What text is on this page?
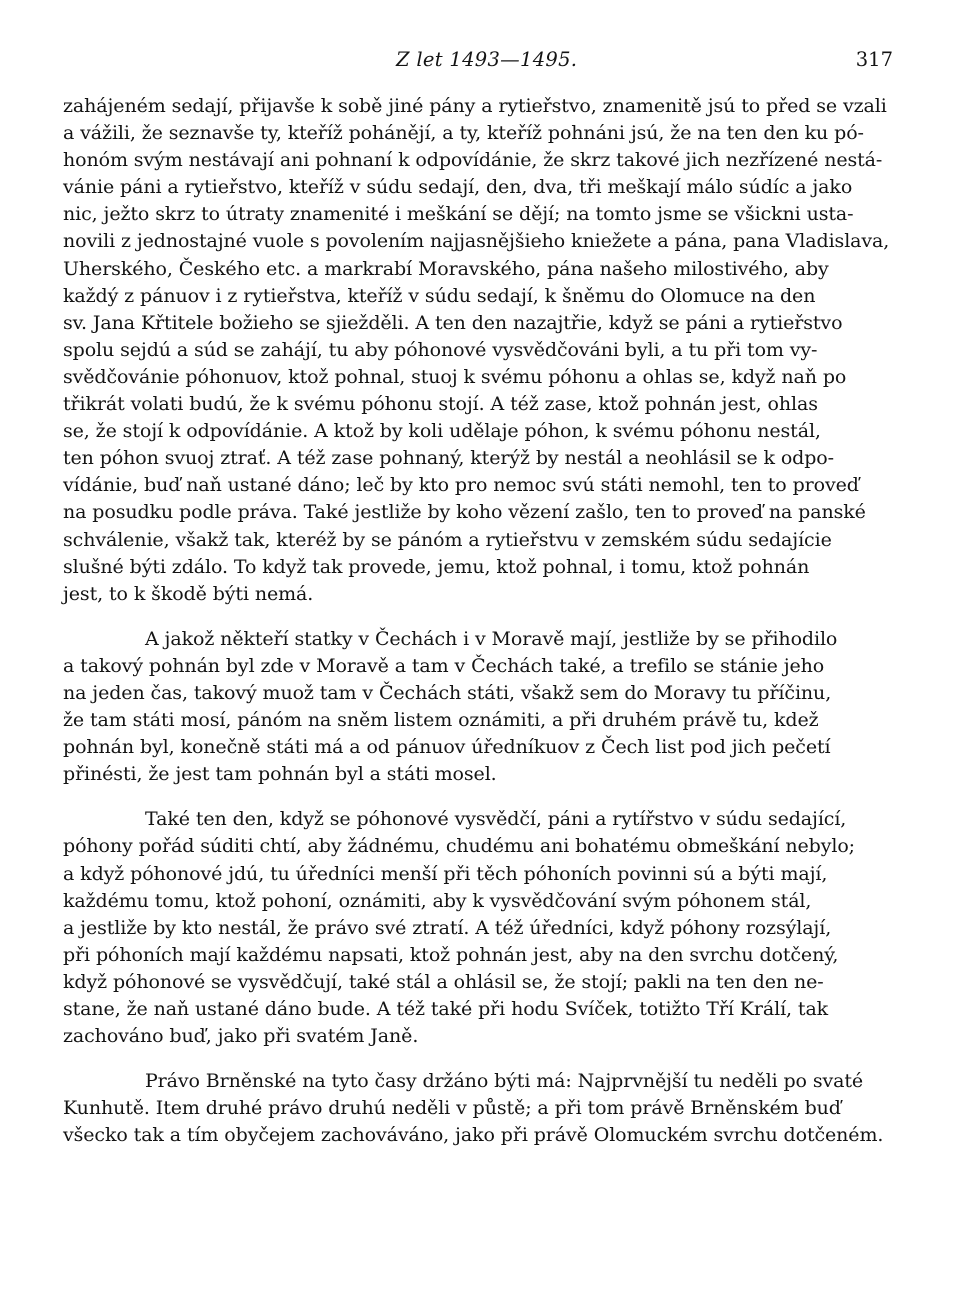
Z let 1493—1495.	317

zahájeném sedají, přijavše k sobě jiné pány a rytieřstvo, znamenitě jsú to před se vzali
a vážili, že seznavše ty, kteříž pohánějí, a ty, kteříž pohnáni jsú, že na ten den ku pó-
honóm svým nestávají ani pohnaní k odpovídánie, že skrz takové jich nezřízené nestá-
vánie páni a rytieřstvo, kteříž v súdu sedají, den, dva, tři meškají málo súdíc a jako
nic, ježto skrz to útraty znamenité i meškání se dějí; na tomto jsme se všickni usta-
novili z jednostajné vuole s povolením najjasnějšieho kniežete a pána, pana Vladislava,
Uherského, Českého etc. a markrabí Moravského, pána našeho milostivého, aby
každý z pánuov i z rytieřstva, kteříž v súdu sedají, k šněmu do Olomuce na den
sv. Jana Křtitele božieho se sjiežděli. A ten den nazajtřie, když se páni a rytieřstvo
spolu sejdú a súd se zahájí, tu aby póhonové vysvědčováni byli, a tu při tom vy-
svědčovánie póhonuov, ktož pohnal, stuoj k svému póhonu a ohlas se, když naň po
třikrát volati budú, že k svému póhonu stojí. A též zase, ktož pohnán jest, ohlas
se, že stojí k odpovídánie. A ktož by koli udělaje póhon, k svému póhonu nestál,
ten póhon svuoj ztrať. A též zase pohnaný, kterýž by nestál a neohlásil se k odpo-
vídánie, buď naň ustané dáno; leč by kto pro nemoc svú státi nemohl, ten to proveď
na posudku podle práva. Také jestliže by koho vězení zašlo, ten to proveď na panské
schválenie, všakž tak, kteréž by se pánóm a rytieřstvu v zemském súdu sedajície
slušné býti zdálo. To když tak provede, jemu, ktož pohnal, i tomu, ktož pohnán
jest, to k škodě býti nemá.

A jakož někteří statky v Čechách i v Moravě mají, jestliže by se přihodilo
a takový pohnán byl zde v Moravě a tam v Čechách také, a trefilo se stánie jeho
na jeden čas, takový muož tam v Čechách státi, všakž sem do Moravy tu příčinu,
že tam státi mosí, pánóm na sněm listem oznámiti, a při druhém právě tu, kdež
pohnán byl, konečně státi má a od pánuov úředníkuov z Čech list pod jich pečetí
přinésti, že jest tam pohnán byl a státi mosel.

Také ten den, když se póhonové vysvědčí, páni a rytířstvo v súdu sedající,
póhony pořád súditi chtí, aby žádnému, chudému ani bohatému obmeškání nebylo;
a když póhonové jdú, tu úředníci menší při těch póhoních povinni sú a býti mají,
každému tomu, ktož pohoní, oznámiti, aby k vysvědčování svým póhonem stál,
a jestliže by kto nestál, že právo své ztratí. A též úředníci, když póhony rozsýlají,
při póhoních mají každému napsati, ktož pohnán jest, aby na den svrchu dotčený,
když póhonové se vysvědčují, také stál a ohlásil se, že stojí; pakli na ten den ne-
stane, že naň ustané dáno bude. A též také při hodu Svíček, totižto Tří Králí, tak
zachováno buď, jako při svatém Janě.

Právo Brněnské na tyto časy držáno býti má: Najprvnější tu neděli po svaté
Kunhutě. Item druhé právo druhú neděli v půstě; a při tom právě Brněnském buď
všecko tak a tím obyčejem zachováváno, jako při právě Olomuckém svrchu dotčeném.
